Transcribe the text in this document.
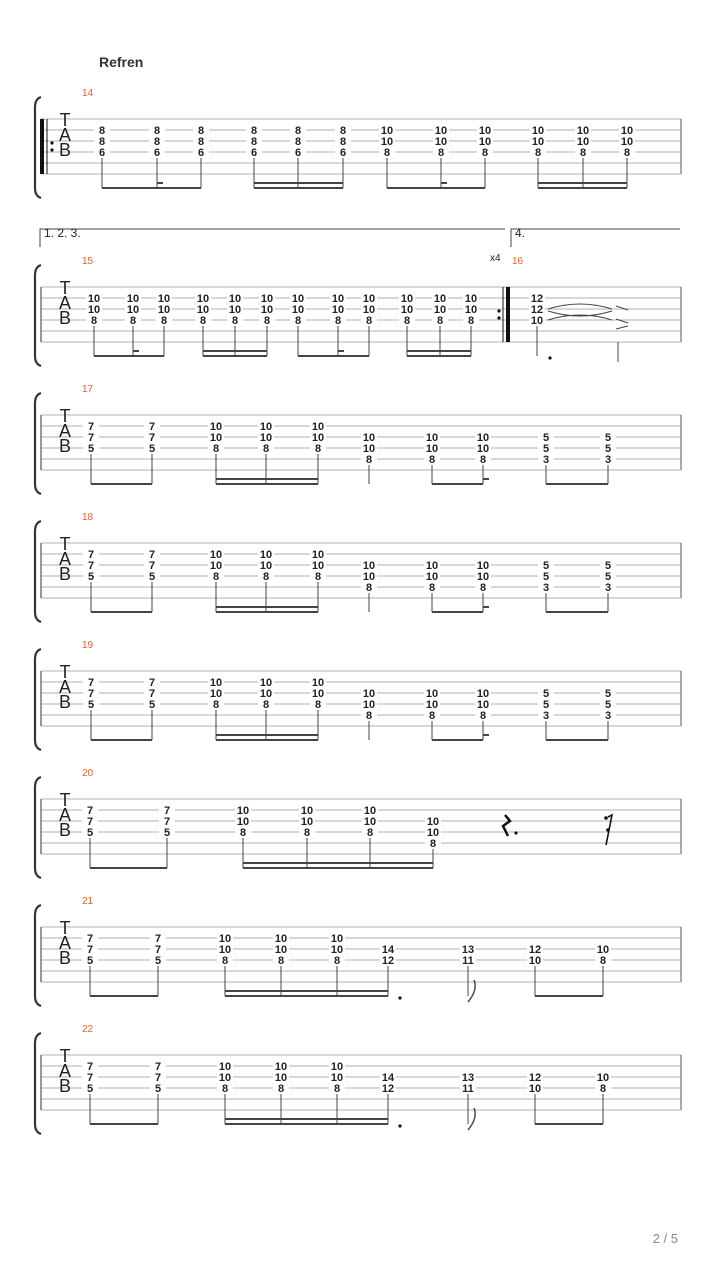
Refren
T
A
B
14
8
8
6
8
8
6
8
8
6
8
8
6
8
8
6
8
8
6
10
10
8
10
10
8
10
10
8
10
10
8
10
10
8
10
10
8
T
A
B
15
10
10
8
10
10
8
10
10
8
10
10
8
10
10
8
10
10
8
10
10
8
10
10
8
10
10
8
10
10
8
10
10
8
10
10
8
16
12
12
10
1. 2. 3.	4.
x4
T
A
B
17
7
7
5
7
7
5
10
10
8
10
10
8
10
10
8
10
10
8
10
10
8
10
10
8
5
5
3
5
5
3
T
A
B
18
7
7
5
7
7
5
10
10
8
10
10
8
10
10
8
10
10
8
10
10
8
10
10
8
5
5
3
5
5
3
T
A
B
19
7
7
5
7
7
5
10
10
8
10
10
8
10
10
8
10
10
8
10
10
8
10
10
8
5
5
3
5
5
3
T
A
B
20
7
7
5
7
7
5
10
10
8
10
10
8
10
10
8
10
10
8
T
A
B
21
7
7
5
7
7
5
10
10
8
10
10
8
10
10
8
14
12
13
11
12
10
10
8
T
A
B
22
7
7
5
7
7
5
10
10
8
10
10
8
10
10
8
14
12
13
11
12
10
10
8
2 / 5
